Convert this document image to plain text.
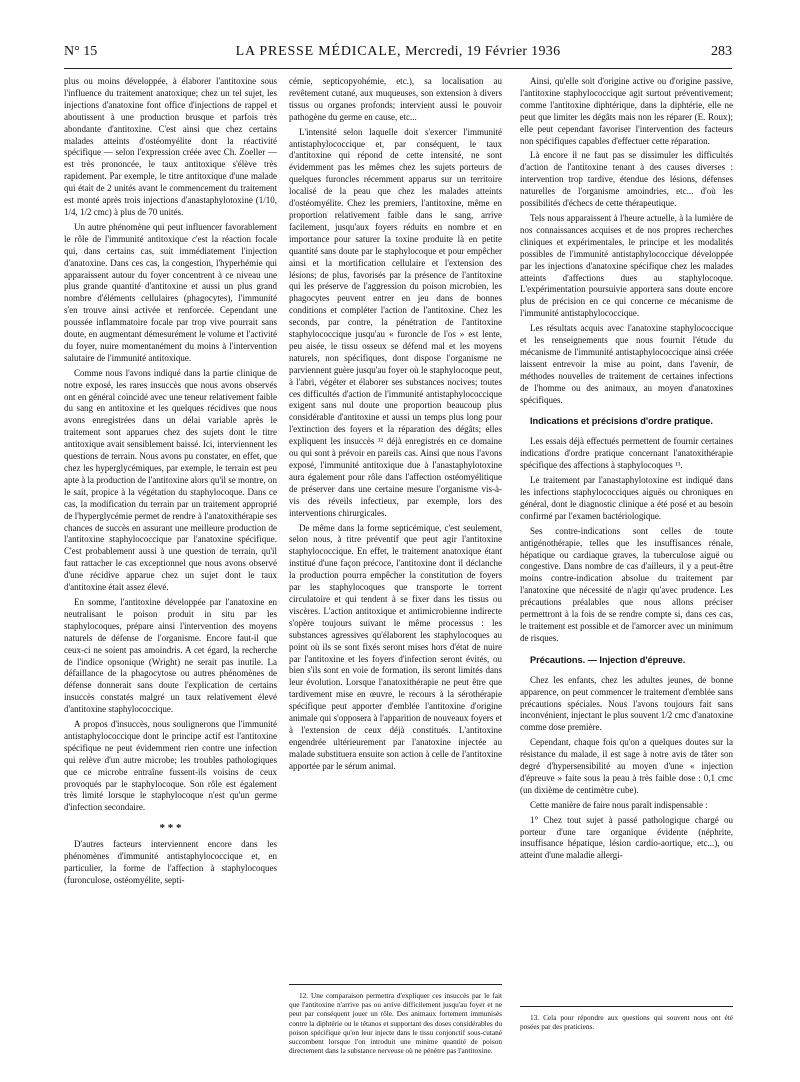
N° 15	LA PRESSE MÉDICALE, Mercredi, 19 Février 1936	283

plus ou moins développée, à élaborer l'antitoxine sous l'influence du traitement anatoxique; chez un tel sujet, les injections d'anatoxine font office d'injections de rappel et aboutissent à une production brusque et parfois très abondante d'antitoxine. C'est ainsi que chez certains malades atteints d'ostéomyélite dont la réactivité spécifique — selon l'expression créée avec Ch. Zoeller — est très prononcée, le taux antitoxique s'élève très rapidement. Par exemple, le titre antitoxique d'une malade qui était de 2 unités avant le commencement du traitement est monté après trois injections d'anastaphylotoxine (1/10, 1/4, 1/2 cmc) à plus de 70 unités.

Un autre phénomène qui peut influencer favorablement le rôle de l'immunité antitoxique c'est la réaction focale qui, dans certains cas, suit immédiatement l'injection d'anatoxine. Dans ces cas, la congestion, l'hyperhémie qui apparaissent autour du foyer concentrent à ce niveau une plus grande quantité d'antitoxine et aussi un plus grand nombre d'éléments cellulaires (phagocytes), l'immunité s'en trouve ainsi activée et renforcée. Cependant une poussée inflammatoire focale par trop vive pourrait sans doute, en augmentant démesurément le volume et l'activité du foyer, nuire momentanément du moins à l'intervention salutaire de l'immunité antitoxique.

Comme nous l'avons indiqué dans la partie clinique de notre exposé, les rares insuccès que nous avons observés ont en général coïncidé avec une teneur relativement faible du sang en antitoxine et les quelques récidives que nous avons enregistrées dans un délai variable après le traitement sont apparues chez des sujets dont le titre antitoxique avait sensiblement baissé. Ici, interviennent les questions de terrain. Nous avons pu constater, en effet, que chez les hyperglycémiques, par exemple, le terrain est peu apte à la production de l'antitoxine alors qu'il se montre, on le sait, propice à la végétation du staphylocoque. Dans ce cas, la modification du terrain par un traitement approprié de l'hyperglycémie permet de rendre à l'anatoxithérapie ses chances de succès en assurant une meilleure production de l'antitoxine staphylococcique par l'anatoxine spécifique. C'est probablement aussi à une question de terrain, qu'il faut rattacher le cas exceptionnel que nous avons observé d'une récidive apparue chez un sujet dont le taux d'antitoxine était assez élevé.

En somme, l'antitoxine développée par l'anatoxine en neutralisant le poison produit in situ par les staphylocoques, prépare ainsi l'intervention des moyens naturels de défense de l'organisme. Encore faut-il que ceux-ci ne soient pas amoindris. A cet égard, la recherche de l'indice opsonique (Wright) ne serait pas inutile. La défaillance de la phagocytose ou autres phénomènes de défense donnerait sans doute l'explication de certains insuccès constatés malgré un taux relativement élevé d'antitoxine staphylococcique.

A propos d'insuccès, nous soulignerons que l'immunité antistaphylococcique dont le principe actif est l'antitoxine spécifique ne peut évidemment rien contre une infection qui relève d'un autre microbe; les troubles pathologiques que ce microbe entraîne fussent-ils voisins de ceux provoqués par le staphylocoque. Son rôle est également très limité lorsque le staphylocoque n'est qu'un germe d'infection secondaire.

* * *

D'autres facteurs interviennent encore dans les phénomènes d'immunité antistaphylococcique et, en particulier, la forme de l'affection à staphylocoques (furonculose, ostéomyélite, septi-

cémie, septicopyohémie, etc.), sa localisation au revêtement cutané, aux muqueuses, son extension à divers tissus ou organes profonds; intervient aussi le pouvoir pathogène du germe en cause, etc...

L'intensité selon laquelle doit s'exercer l'immunité antistaphylococcique et, par conséquent, le taux d'antitoxine qui répond de cette intensité, ne sont évidemment pas les mêmes chez les sujets porteurs de quelques furoncles récemment apparus sur un territoire localisé de la peau que chez les malades atteints d'ostéomyélite. Chez les premiers, l'antitoxine, même en proportion relativement faible dans le sang, arrive facilement, jusqu'aux foyers réduits en nombre et en importance pour saturer la toxine produite là en petite quantité sans doute par le staphylocoque et pour empêcher ainsi et la mortification cellulaire et l'extension des lésions; de plus, favorisés par la présence de l'antitoxine qui les préserve de l'aggression du poison microbien, les phagocytes peuvent entrer en jeu dans de bonnes conditions et compléter l'action de l'antitoxine. Chez les seconds, par contre, la pénétration de l'antitoxine staphylococcique jusqu'au « furoncle de l'os » est lente, peu aisée, le tissu osseux se défend mal et les moyens naturels, non spécifiques, dont dispose l'organisme ne parviennent guère jusqu'au foyer où le staphylocoque peut, à l'abri, végéter et élaborer ses substances nocives; toutes ces difficultés d'action de l'immunité antistaphylococcique exigent sans nul doute une proportion beaucoup plus considérable d'antitoxine et aussi un temps plus long pour l'extinction des foyers et la réparation des dégâts; elles expliquent les insuccès ¹² déjà enregistrés en ce domaine ou qui sont à prévoir en pareils cas. Ainsi que nous l'avons exposé, l'immunité antitoxique due à l'anastaphylotoxine aura également pour rôle dans l'affection ostéomyélitique de préserver dans une certaine mesure l'organisme vis-à-vis des réveils infectieux, par exemple, lors des interventions chirurgicales.

De même dans la forme septicémique, c'est seulement, selon nous, à titre préventif que peut agir l'antitoxine staphylococcique. En effet, le traitement anatoxique étant institué d'une façon précoce, l'antitoxine dont il déclanche la production pourra empêcher la constitution de foyers par les staphylocoques que transporte le torrent circulatoire et qui tendent à se fixer dans les tissus ou viscères. L'action antitoxique et antimicrobienne indirecte s'opère toujours suivant le même processus : les substances agressives qu'élaborent les staphylocoques au point où ils se sont fixés seront mises hors d'état de nuire par l'antitoxine et les foyers d'infection seront évités, ou bien s'ils sont en voie de formation, ils seront limités dans leur évolution. Lorsque l'anatoxithérapie ne peut être que tardivement mise en œuvre, le recours à la sérothérapie spécifique peut apporter d'emblée l'antitoxine d'origine animale qui s'opposera à l'apparition de nouveaux foyers et à l'extension de ceux déjà constitués. L'antitoxine engendrée ultérieurement par l'anatoxine injectée au malade substituera ensuite son action à celle de l'antitoxine apportée par le sérum animal.

12. Une comparaison permettra d'expliquer ces insuccès par le fait que l'antitoxine n'arrive pas ou arrive difficilement jusqu'au foyer et ne peut par conséquent jouer un rôle. Des animaux fortement immunisés contre la diphtérie ou le tétanos et supportant des doses considérables du poison spécifique qu'on leur injecte dans le tissu conjonctif sous-cutané succombent lorsque l'on introduit une minime quantité de poison directement dans la substance nerveuse où ne pénètre pas l'antitoxine.

Ainsi, qu'elle soit d'origine active ou d'origine passive, l'antitoxine staphylococcique agit surtout préventivement; comme l'antitoxine diphtérique, dans la diphtérie, elle ne peut que limiter les dégâts mais non les réparer (E. Roux); elle peut cependant favoriser l'intervention des facteurs non spécifiques capables d'effectuer cette réparation.

Là encore il ne faut pas se dissimuler les difficultés d'action de l'antitoxine tenant à des causes diverses : intervention trop tardive, étendue des lésions, défenses naturelles de l'organisme amoindries, etc... d'où les possibilités d'échecs de cette thérapeutique.

Tels nous apparaissent à l'heure actuelle, à la lumière de nos connaissances acquises et de nos propres recherches cliniques et expérimentales, le principe et les modalités possibles de l'immunité antistaphylococcique développée par les injections d'anatoxine spécifique chez les malades atteints d'affections dues au staphylocoque. L'expérimentation poursuivie apportera sans doute encore plus de précision en ce qui concerne ce mécanisme de l'immunité antistaphylococcique.

Les résultats acquis avec l'anatoxine staphylococcique et les renseignements que nous fournit l'étude du mécanisme de l'immunité antistaphylococcique ainsi créée laissent entrevoir la mise au point, dans l'avenir, de méthodes nouvelles de traitement de certaines infections de l'homme ou des animaux, au moyen d'anatoxines spécifiques.

Indications et précisions d'ordre pratique.

Les essais déjà effectués permettent de fournir certaines indications d'ordre pratique concernant l'anatoxithérapie spécifique des affections à staphylocoques ¹³.

Le traitement par l'anastaphylotoxine est indiqué dans les infections staphylococciques aiguës ou chroniques en général, dont le diagnostic clinique a été posé et au besoin confirmé par l'examen bactériologique.

Ses contre-indications sont celles de toute antigénothérapie, telles que les insuffisances rénale, hépatique ou cardiaque graves, la tuberculose aiguë ou congestive. Dans nombre de cas d'ailleurs, il y a peut-être moins contre-indication absolue du traitement par l'anatoxine que nécessité de n'agir qu'avec prudence. Les précautions préalables que nous allons préciser permettront à la fois de se rendre compte si, dans ces cas, le traitement est possible et de l'amorcer avec un minimum de risques.

Précautions. — Injection d'épreuve.

Chez les enfants, chez les adultes jeunes, de bonne apparence, on peut commencer le traitement d'emblée sans précautions spéciales. Nous l'avons toujours fait sans inconvénient, injectant le plus souvent 1/2 cmc d'anatoxine comme dose première.

Cependant, chaque fois qu'on a quelques doutes sur la résistance du malade, il est sage à notre avis de tâter son degré d'hypersensibilité au moyen d'une « injection d'épreuve » faite sous la peau à très faible dose : 0,1 cmc (un dixième de centimètre cube).

Cette manière de faire nous paraît indispensable :

1° Chez tout sujet à passé pathologique chargé ou porteur d'une tare organique évidente (néphrite, insuffisance hépatique, lésion cardio-aortique, etc...), ou atteint d'une maladie allergi-

13. Cela pour répondre aux questions qui souvent nous ont été posées par des praticiens.
